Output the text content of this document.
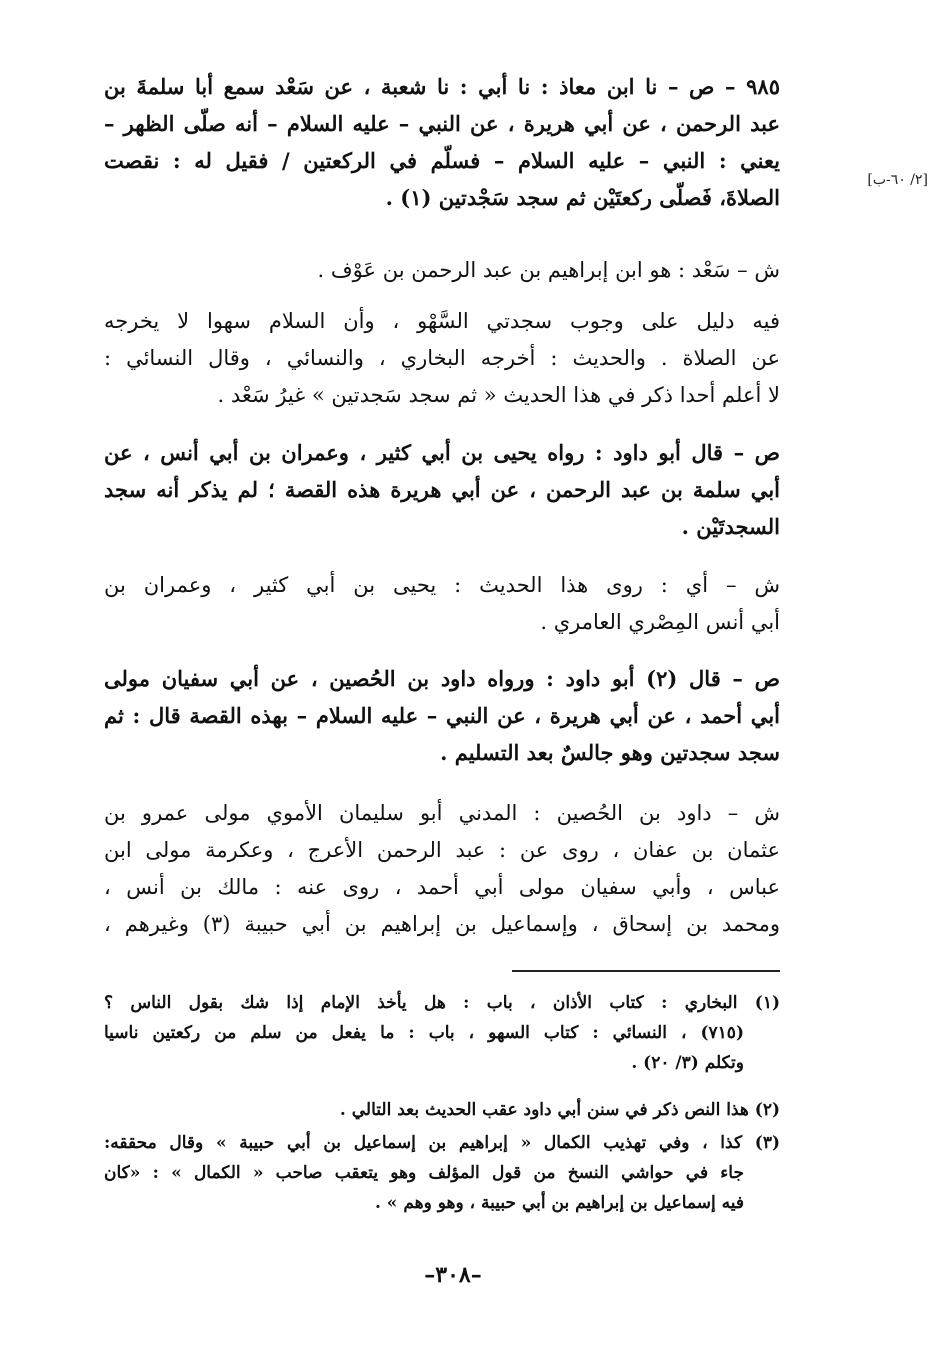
[٢/ ٦٠-ب]
٩٨٥ – ص – نا ابن معاذ : نا أبي : نا شعبة ، عن سَعْد سمع أبا سلمةَ بن
عبد الرحمن ، عن أبي هريرة ، عن النبي – عليه السلام – أنه صلّى الظهر –
يعني : النبي – عليه السلام – فسلّم في الركعتين / فقيل له : نقصت
الصلاةَ، فَصلّى ركعتَيْن ثم سجد سَجْدتين (١) .
ش – سَعْد : هو ابن إبراهيم بن عبد الرحمن بن عَوْف .
فيه دليل على وجوب سجدتي السَّهْو ، وأن السلام سهوا لا يخرجه
عن الصلاة . والحديث : أخرجه البخاري ، والنسائي ، وقال النسائي :
لا أعلم أحدا ذكر في هذا الحديث « ثم سجد سَجدتين » غيرُ سَعْد .
ص – قال أبو داود : رواه يحيى بن أبي كثير ، وعمران بن أبي أنس ، عن
أبي سلمة بن عبد الرحمن ، عن أبي هريرة هذه القصة ؛ لم يذكر أنه سجد
السجدتَيْن .
ش – أي : روى هذا الحديث : يحيى بن أبي كثير ، وعمران بن
أبي أنس المِصْري العامري .
ص – قال (٢) أبو داود : ورواه داود بن الحُصين ، عن أبي سفيان مولى
أبي أحمد ، عن أبي هريرة ، عن النبي – عليه السلام – بهذه القصة قال : ثم
سجد سجدتين وهو جالسٌ بعد التسليم .
ش – داود بن الحُصين : المدني أبو سليمان الأموي مولى عمرو بن
عثمان بن عفان ، روى عن : عبد الرحمن الأعرج ، وعكرمة مولى ابن
عباس ، وأبي سفيان مولى أبي أحمد ، روى عنه : مالك بن أنس ،
ومحمد بن إسحاق ، وإسماعيل بن إبراهيم بن أبي حبيبة (٣) وغيرهم ،
(١) البخاري : كتاب الأذان ، باب : هل يأخذ الإمام إذا شك بقول الناس ؟
(٧١٥) ، النسائي : كتاب السهو ، باب : ما يفعل من سلم من ركعتين ناسيا
وتكلم (٣/ ٢٠) .
(٢) هذا النص ذكر في سنن أبي داود عقب الحديث بعد التالي .
(٣) كذا ، وفي تهذيب الكمال « إبراهيم بن إسماعيل بن أبي حبيبة » وقال محققه:
جاء في حواشي النسخ من قول المؤلف وهو يتعقب صاحب « الكمال » : «كان
فيه إسماعيل بن إبراهيم بن أبي حبيبة ، وهو وهم » .
–٣٠٨–
